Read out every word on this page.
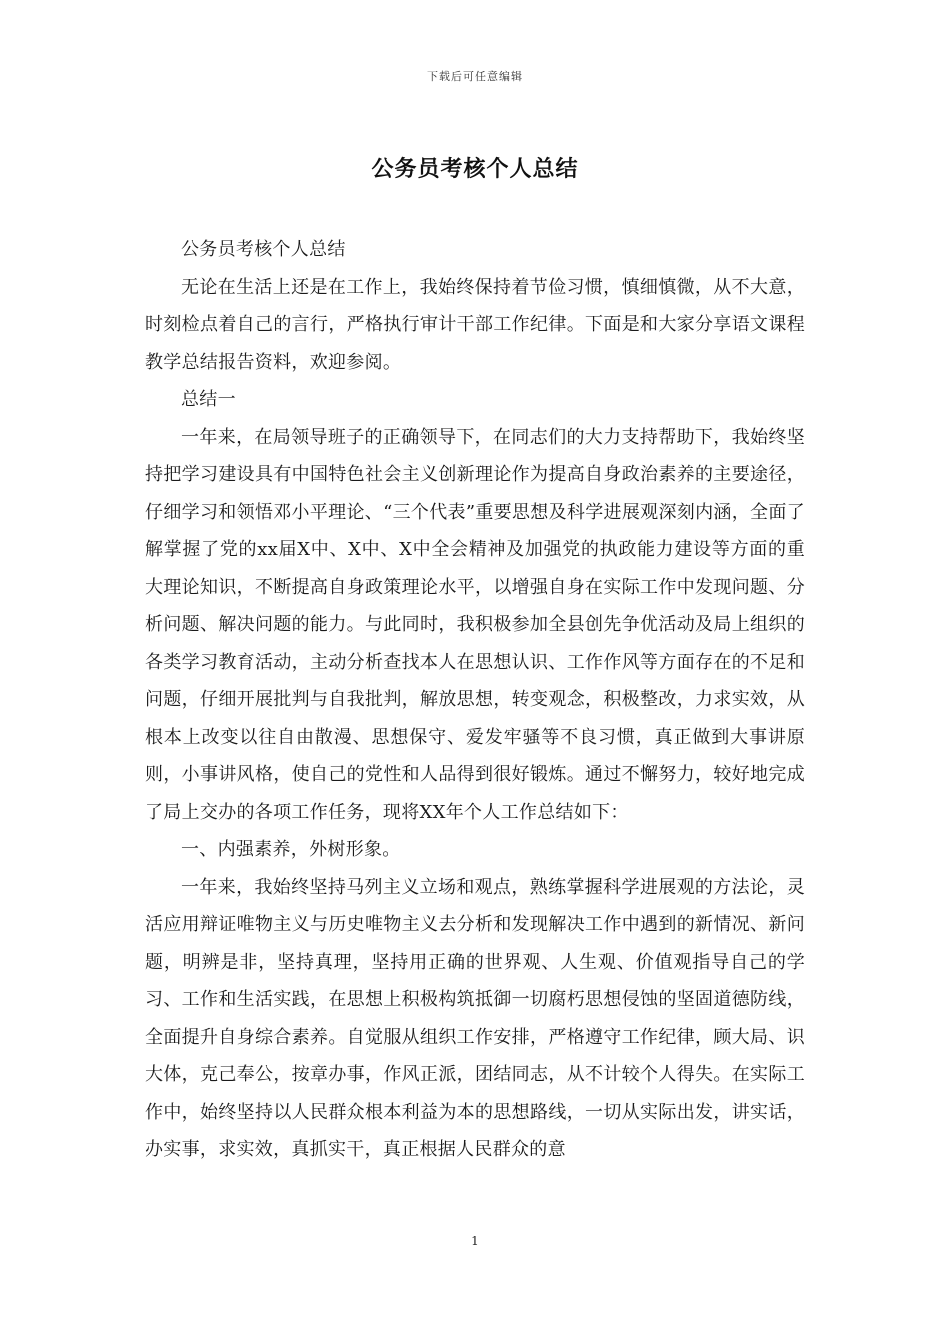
下载后可任意编辑
公务员考核个人总结

公务员考核个人总结

无论在生活上还是在工作上，我始终保持着节俭习惯，慎细慎微，从不大意，时刻检点着自己的言行，严格执行审计干部工作纪律。下面是和大家分享语文课程教学总结报告资料，欢迎参阅。

总结一

一年来，在局领导班子的正确领导下，在同志们的大力支持帮助下，我始终坚持把学习建设具有中国特色社会主义创新理论作为提高自身政治素养的主要途径，仔细学习和领悟邓小平理论、“三个代表”重要思想及科学进展观深刻内涵，全面了解掌握了党的xx届X中、X中、X中全会精神及加强党的执政能力建设等方面的重大理论知识，不断提高自身政策理论水平，以增强自身在实际工作中发现问题、分析问题、解决问题的能力。与此同时，我积极参加全县创先争优活动及局上组织的各类学习教育活动，主动分析查找本人在思想认识、工作作风等方面存在的不足和问题，仔细开展批判与自我批判，解放思想，转变观念，积极整改，力求实效，从根本上改变以往自由散漫、思想保守、爱发牢骚等不良习惯，真正做到大事讲原则，小事讲风格，使自己的党性和人品得到很好锻炼。通过不懈努力，较好地完成了局上交办的各项工作任务，现将XX年个人工作总结如下：

一、内强素养，外树形象。

一年来，我始终坚持马列主义立场和观点，熟练掌握科学进展观的方法论，灵活应用辩证唯物主义与历史唯物主义去分析和发现解决工作中遇到的新情况、新问题，明辨是非，坚持真理，坚持用正确的世界观、人生观、价值观指导自己的学习、工作和生活实践，在思想上积极构筑抵御一切腐朽思想侵蚀的坚固道德防线，全面提升自身综合素养。自觉服从组织工作安排，严格遵守工作纪律，顾大局、识大体，克己奉公，按章办事，作风正派，团结同志，从不计较个人得失。在实际工作中，始终坚持以人民群众根本利益为本的思想路线，一切从实际出发，讲实话，办实事，求实效，真抓实干，真正根据人民群众的意

1
